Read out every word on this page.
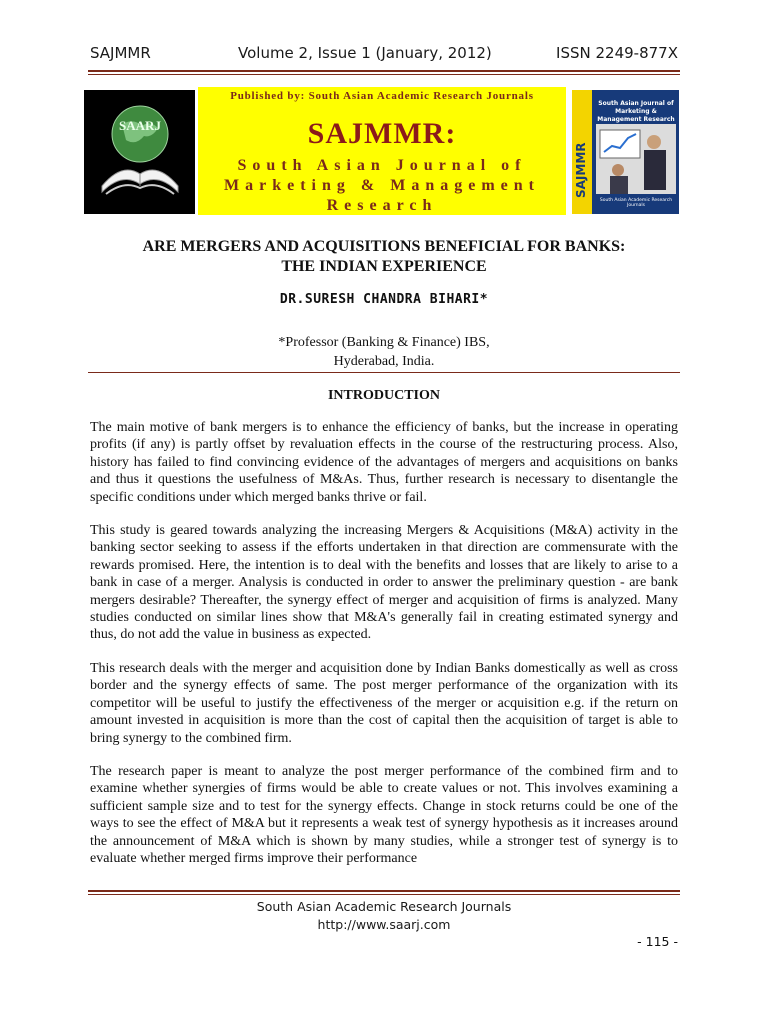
SAJMMR	Volume 2, Issue 1 (January, 2012)	ISSN 2249-877X
SAARJ
Published by: South Asian Academic Research Journals
SAJMMR:
South Asian Journal of
Marketing & Management
Research
SAJMMR
South Asian Journal of Marketing & Management Research
South Asian Academic Research Journals
ARE MERGERS AND ACQUISITIONS BENEFICIAL FOR BANKS:
THE INDIAN EXPERIENCE
DR.SURESH CHANDRA BIHARI*
*Professor (Banking & Finance) IBS,
Hyderabad, India.
INTRODUCTION

The main motive of bank mergers is to enhance the efficiency of banks, but the increase in operating profits (if any) is partly offset by revaluation effects in the course of the restructuring process. Also, history has failed to find convincing evidence of the advantages of mergers and acquisitions on banks and thus it questions the usefulness of M&As. Thus, further research is necessary to disentangle the specific conditions under which merged banks thrive or fail.

This study is geared towards analyzing the increasing Mergers & Acquisitions (M&A) activity in the banking sector seeking to assess if the efforts undertaken in that direction are commensurate with the rewards promised. Here, the intention is to deal with the benefits and losses that are likely to arise to a bank in case of a merger. Analysis is conducted in order to answer the preliminary question - are bank mergers desirable? Thereafter, the synergy effect of merger and acquisition of firms is analyzed. Many studies conducted on similar lines show that M&A's generally fail in creating estimated synergy and thus, do not add the value in business as expected.

This research deals with the merger and acquisition done by Indian Banks domestically as well as cross border and the synergy effects of same. The post merger performance of the organization with its competitor will be useful to justify the effectiveness of the merger or acquisition e.g. if the return on amount invested in acquisition is more than the cost of capital then the acquisition of target is able to bring synergy to the combined firm.

The research paper is meant to analyze the post merger performance of the combined firm and to examine whether synergies of firms would be able to create values or not. This involves examining a sufficient sample size and to test for the synergy effects. Change in stock returns could be one of the ways to see the effect of M&A but it represents a weak test of synergy hypothesis as it increases around the announcement of M&A which is shown by many studies, while a stronger test of synergy is to evaluate whether merged firms improve their performance

South Asian Academic Research Journals
http://www.saarj.com
- 115 -
